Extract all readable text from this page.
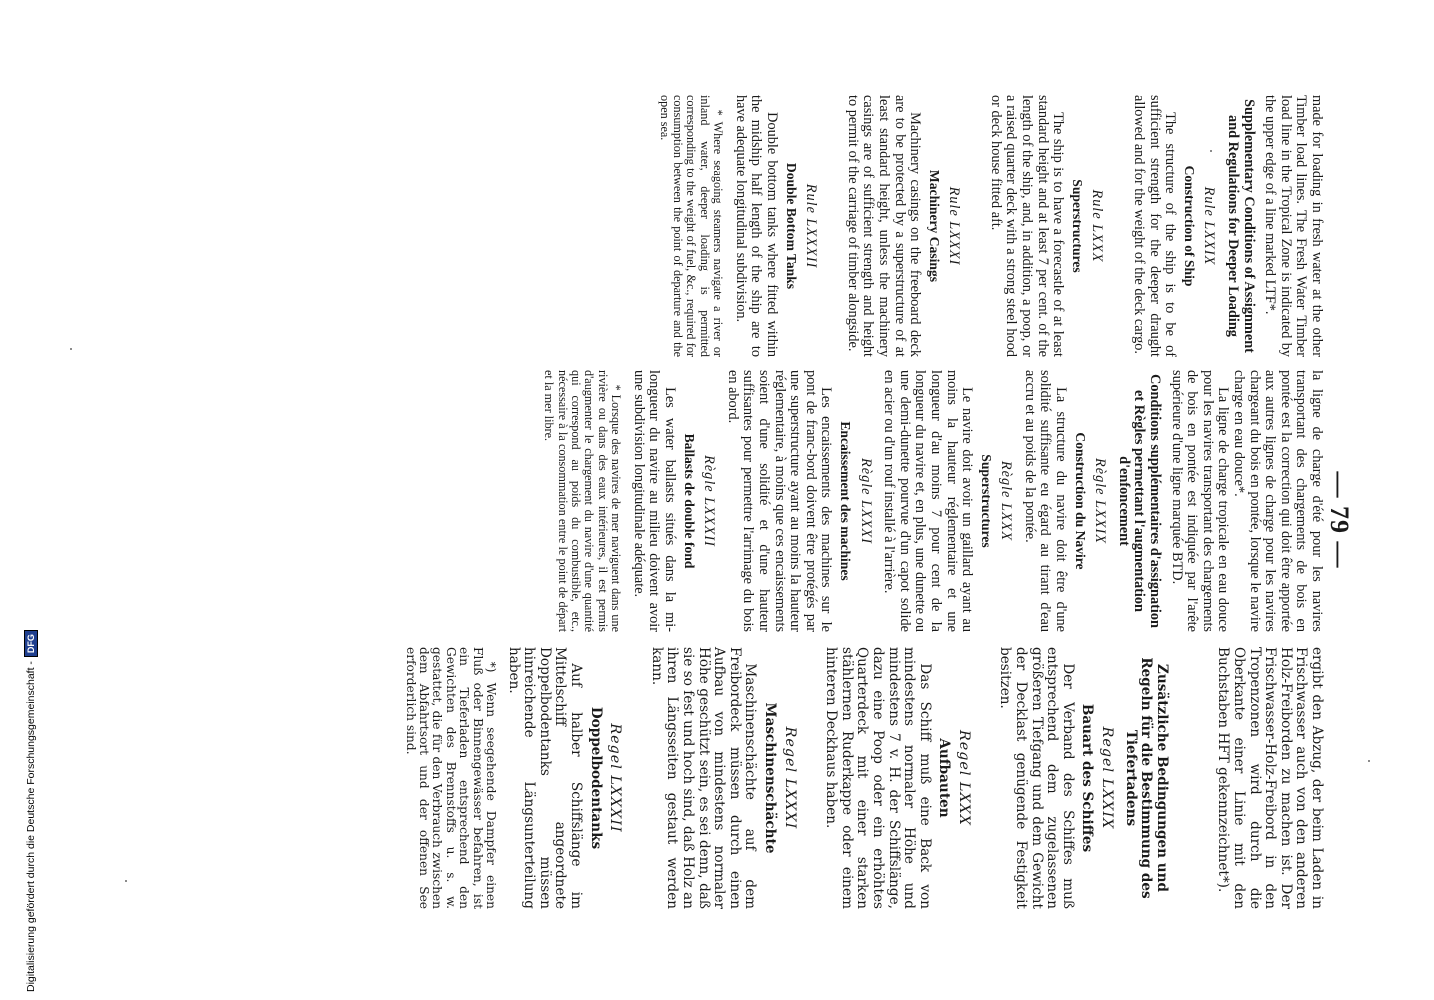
— 79 —

made for loading in fresh water at the other Timber load lines. The Fresh Water Timber load line in the Tropical Zone is indicated by the upper edge of a line marked LTF*.

Supplementary Conditions of Assignment and Regulations for Deeper Loading
Rule LXXIX
Construction of Ship

The structure of the ship is to be of sufficient strength for the deeper draught allowed and for the weight of the deck cargo.

Rule LXXX
Superstructures

The ship is to have a forecastle of at least standard height and at least 7 per cent. of the length of the ship, and, in addition, a poop, or a raised quarter deck with a strong steel hood or deck house fitted aft.

Rule LXXXI
Machinery Casings

Machinery casings on the freeboard deck are to be protected by a superstructure of at least standard height, unless the machinery casings are of sufficient strength and height to permit of the carriage of timber alongside.

Rule LXXXII
Double Bottom Tanks

Double bottom tanks where fitted within the midship half length of the ship are to have adequate longitudinal subdivision.

* Where seagoing steamers navigate a river or inland water, deeper loading is permitted corresponding to the weight of fuel, &c., required for consumption between the point of departure and the open sea.

la ligne de charge d'été pour les navires transportant des chargements de bois en pontée est la correction qui doit être apportée aux autres lignes de charge pour les navires chargeant du bois en pontée, lorsque le navire charge en eau douce*.

La ligne de charge tropicale en eau douce pour les navires transportant des chargements de bois en pontée est indiquée par l'arête supérieure d'une ligne marquée BTD.

Conditions supplémentaires d'assignation et Règles permettant l'augmentation d'enfoncement
Règle LXXIX
Construction du Navire

La structure du navire doit être d'une solidité suffisante eu égard au tirant d'eau accru et au poids de la pontée.

Règle LXXX
Superstructures

Le navire doit avoir un gaillard ayant au moins la hauteur réglementaire et une longueur d'au moins 7 pour cent de la longueur du navire et, en plus, une dunette ou une demi-dunette pourvue d'un capot solide en acier ou d'un rouf installé à l'arrière.

Règle LXXXI
Encaissement des machines

Les encaissements des machines sur le pont de franc-bord doivent être protégés par une superstructure ayant au moins la hauteur réglementaire, à moins que ces encaissements soient d'une solidité et d'une hauteur suffisantes pour permettre l'arrimage du bois en abord.

Règle LXXXII
Ballasts de double fond

Les water ballasts situés dans la mi-longueur du navire au milieu doivent avoir une subdivision longitudinale adéquate.

* Lorsque des navires de mer naviguent dans une rivière ou dans des eaux intérieures, il est permis d'augmenter le chargement du navire d'une quantité qui correspond au poids du combustible, etc., nécessaire à la consommation entre le point de départ et la mer libre.

ergibt den Abzug, der beim Laden in Frischwasser auch von den anderen Holz-Freiborden zu machen ist. Der Frischwasser-Holz-Freibord in den Tropenzonen wird durch die Oberkante einer Linie mit den Buchstaben HFT gekennzeichnet*).

Zusätzliche Bedingungen und Regeln für die Bestimmung des Tiefertadens
Regel LXXIX
Bauart des Schiffes

Der Verband des Schiffes muß entsprechend dem zugelassenen größeren Tiefgang und dem Gewicht der Decklast genügende Festigkeit besitzen.

Regel LXXX
Aufbauten

Das Schiff muß eine Back von mindestens normaler Höhe und mindestens 7 v. H. der Schiffslänge, dazu eine Poop oder ein erhöhtes Quarterdeck mit einer starken stählernen Ruderkappe oder einem hinteren Deckhaus haben.

Regel LXXXI
Maschinenschächte

Maschinenschächte auf dem Freibordeck müssen durch einen Aufbau von mindestens normaler Höhe geschützt sein, es sei denn, daß sie so fest und hoch sind, daß Holz an ihren Längsseiten gestaut werden kann.

Regel LXXXII
Doppelbodentanks

Auf halber Schiffslänge im Mittelschiff angeordnete Doppelbodentanks müssen hinreichende Längsunterteilung haben.

*) Wenn seegehende Dampfer einen Fluß oder Binnengewässer befahren, ist ein Tieferladen entsprechend den Gewichten des Brennstoffs u. s. w. gestattet, die für den Verbrauch zwischen dem Abfahrtsort und der offenen See erforderlich sind.

Digitalisierung gefördert durch die Deutsche Forschungsgemeinschaft -DFG
